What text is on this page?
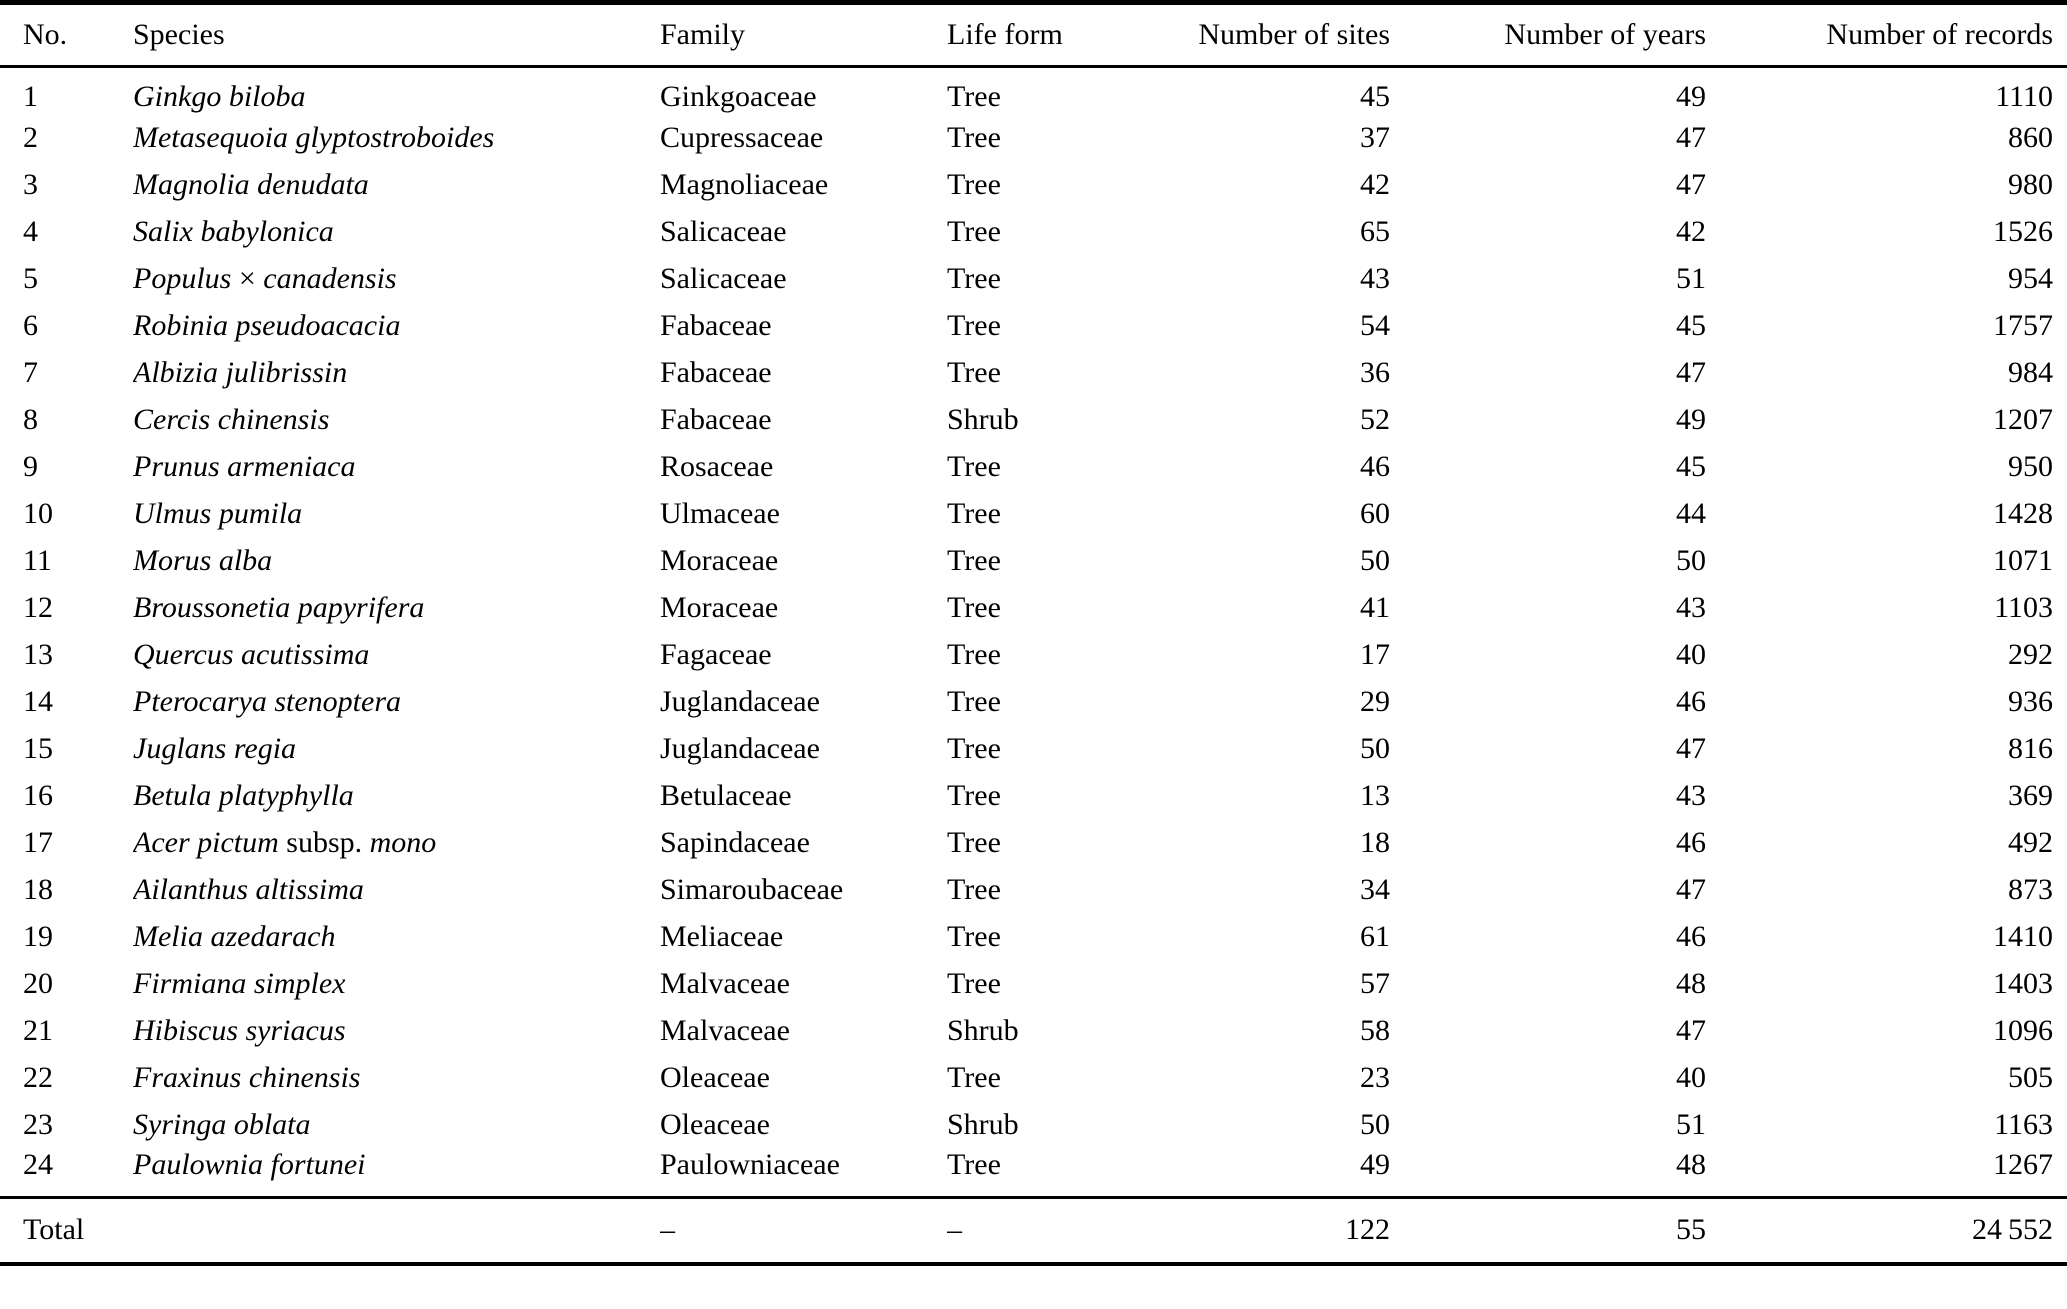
No.	Species	Family	Life form	Number of sites	Number of years	Number of records
1	Ginkgo biloba	Ginkgoaceae	Tree	45	49	1110
2	Metasequoia glyptostroboides	Cupressaceae	Tree	37	47	860
3	Magnolia denudata	Magnoliaceae	Tree	42	47	980
4	Salix babylonica	Salicaceae	Tree	65	42	1526
5	Populus × canadensis	Salicaceae	Tree	43	51	954
6	Robinia pseudoacacia	Fabaceae	Tree	54	45	1757
7	Albizia julibrissin	Fabaceae	Tree	36	47	984
8	Cercis chinensis	Fabaceae	Shrub	52	49	1207
9	Prunus armeniaca	Rosaceae	Tree	46	45	950
10	Ulmus pumila	Ulmaceae	Tree	60	44	1428
11	Morus alba	Moraceae	Tree	50	50	1071
12	Broussonetia papyrifera	Moraceae	Tree	41	43	1103
13	Quercus acutissima	Fagaceae	Tree	17	40	292
14	Pterocarya stenoptera	Juglandaceae	Tree	29	46	936
15	Juglans regia	Juglandaceae	Tree	50	47	816
16	Betula platyphylla	Betulaceae	Tree	13	43	369
17	Acer pictum subsp. mono	Sapindaceae	Tree	18	46	492
18	Ailanthus altissima	Simaroubaceae	Tree	34	47	873
19	Melia azedarach	Meliaceae	Tree	61	46	1410
20	Firmiana simplex	Malvaceae	Tree	57	48	1403
21	Hibiscus syriacus	Malvaceae	Shrub	58	47	1096
22	Fraxinus chinensis	Oleaceae	Tree	23	40	505
23	Syringa oblata	Oleaceae	Shrub	50	51	1163
24	Paulownia fortunei	Paulowniaceae	Tree	49	48	1267
Total		–	–	122	55	24 552
